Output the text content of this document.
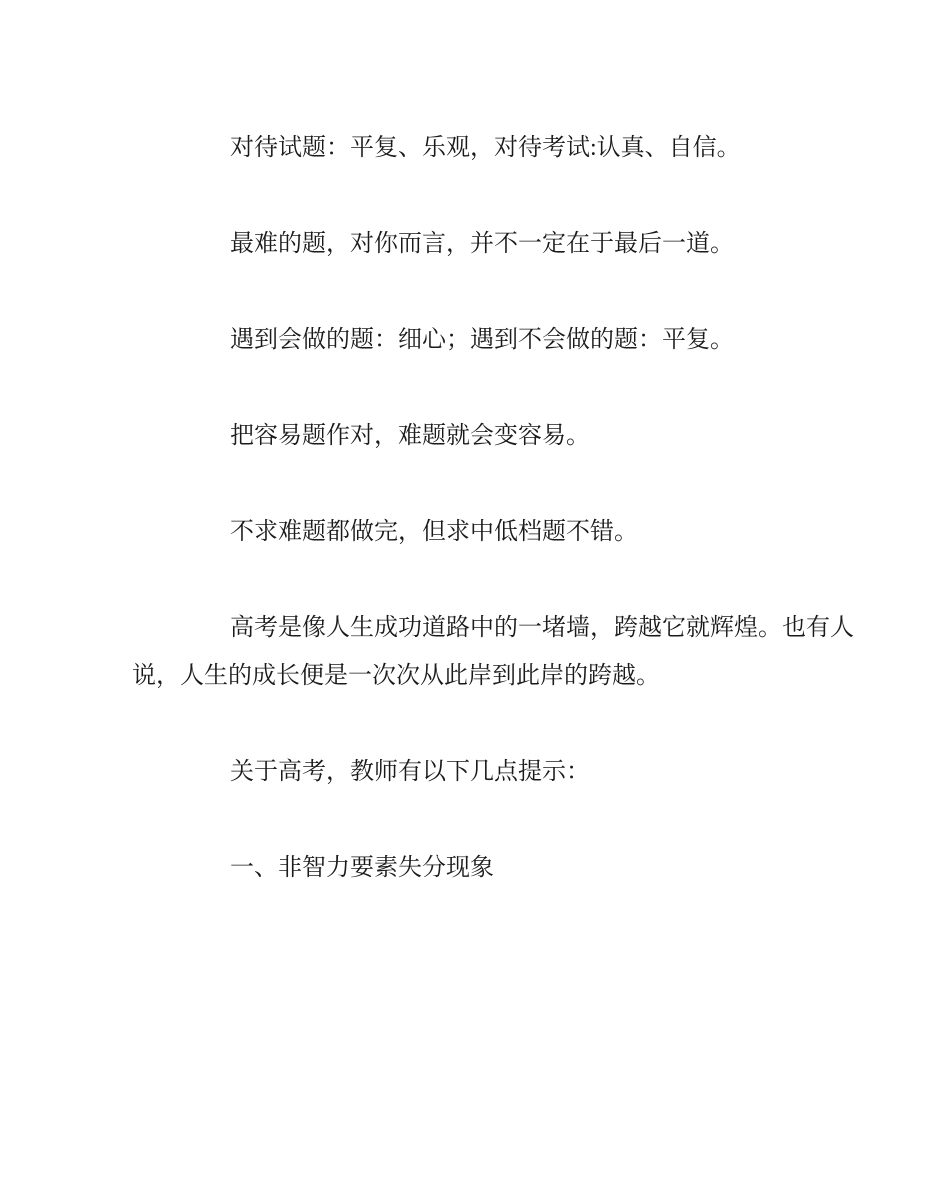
对待试题：平复、乐观，对待考试:认真、自信。
最难的题，对你而言，并不一定在于最后一道。
遇到会做的题：细心；遇到不会做的题：平复。
把容易题作对，难题就会变容易。
不求难题都做完，但求中低档题不错。
高考是像人生成功道路中的一堵墙，跨越它就辉煌。也有人
说，人生的成长便是一次次从此岸到此岸的跨越。
关于高考，教师有以下几点提示：
一、非智力要素失分现象
